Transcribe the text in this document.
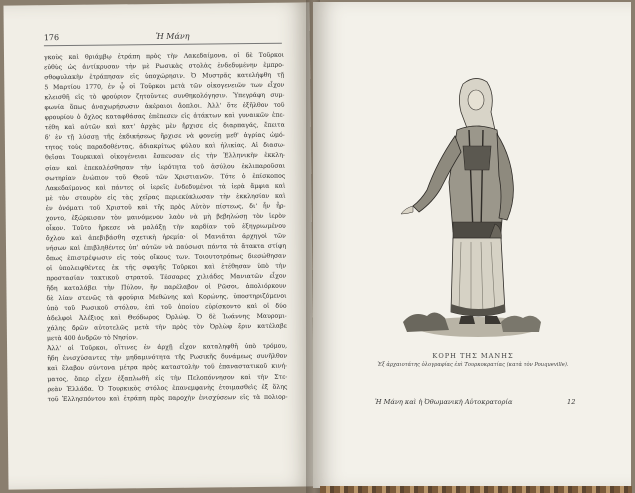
176	Ἡ Μάνη
γκοὺς καὶ θριάμβῳ ἐτράπη πρὸς τὴν Λακεδαίμονα, οἱ δὲ Τοῦρκοι
εὐθὺς ὡς ἀντίκρυσαν τὴν μὲ Ρωσικὰς στολὰς ἐνδεδυμένην ἐμπρο-
σθοφυλακὴν ἐτράπησαν εἰς ὑποχώρησιν. Ὁ Μυστρᾶς κατελήφθη τῇ
5 Μαρτίου 1770, ἐν ᾧ οἱ Τοῦρκοι μετὰ τῶν οἰκογενειῶν των εἶχον
κλεισθῆ εἰς τὸ φρούριον ζητοῦντες συνθηκολόγησιν. Ὑπεγράφη συμ-
φωνία ὅπως ἀναχωρήσωσιν ἀκέραιοι ἄοπλοι. Ἀλλ' ὅτε ἐξῆλθον τοῦ
φρουρίου ὁ ὄχλος καταφθάσας ἐπέπεσεν εἰς ἀτάκτων καὶ γυναικῶν ἐπε-
τέθη καὶ αὐτῶν καὶ κατ' ἀρχὰς μὲν ἤρχισε εἰς διαρπαγάς, ἔπειτα
δ' ἐν τῇ λύσσῃ τῆς ἐκδικήσεως ἤρχισε νὰ φονεύῃ μεθ' ἀγρίας ὠμό-
τητος τοὺς παραδοθέντας, ἀδιακρίτως φύλου καὶ ἡλικίας. Αἱ διασω-
θεῖσαι Τουρκικαὶ οἰκογένειαι ἔσπευσαν εἰς τὴν Ἑλληνικὴν ἐκκλη-
σίαν καὶ ἐπεκαλέσθησαν τὴν ἱερότητα τοῦ ἀσύλου ἐκλιπαροῦσαι
σωτηρίαν ἐνώπιον τοῦ Θεοῦ τῶν Χριστιανῶν. Τότε ὁ ἐπίσκοπος
Λακεδαίμονος καὶ πάντες οἱ ἱερεῖς ἐνδεδυμένοι τὰ ἱερὰ ἄμφια καὶ
μὲ τὸν σταυρὸν εἰς τὰς χεῖρας περιεκύκλωσαν τὴν ἐκκλησίαν καὶ
ἐν ὀνόματι τοῦ Χριστοῦ καὶ τῆς πρὸς Αὐτὸν πίστεως, δι' ἧν ἦρ-
χοντο, ἐξώρκισαν τὸν μαινόμενον λαὸν νὰ μὴ βεβηλώσῃ τὸν ἱερὸν
οἶκον. Τοῦτο ἤρκεσε νὰ μαλάξῃ τὴν καρδίαν τοῦ ἐξηγριωμένου
ὄχλου καὶ ἀπεβιβάσθη σχετικὴ ἠρεμία· οἱ Μανιᾶται ἀρχηγοὶ τῶν
νήσων καὶ ἐπιβληθέντες ὑπ' αὐτῶν νὰ παύσωσι πάντα τὰ ἄτακτα στίφη
ὅπως ἐπιστρέψωσιν εἰς τοὺς οἴκους των. Τοιουτοτρόπως διεσώθησαν
οἱ ὑπολειφθέντες ἐκ τῆς σφαγῆς Τοῦρκοι καὶ ἐτέθησαν ὑπὸ τὴν
προστασίαν τακτικοῦ στρατοῦ. Τέσσαρες χιλιάδες Μανιατῶν εἶχον
ἤδη καταλάβει τὴν Πύλον, ἣν παρέλαβον οἱ Ρῶσοι, ἀπολιόρκουν
δὲ λίαν στενῶς τὰ φρούρια Μεθώνης καὶ Κορώνης, ὑποστηριζόμενοι
ὑπὸ τοῦ Ρωσικοῦ στόλου, ἐπὶ τοῦ ὁποίου εὑρίσκοντο καὶ οἱ δύο
ἀδελφοὶ Ἀλέξιος καὶ Θεόδωρος Ὀρλώφ. Ὁ δὲ Ἰωάννης Μαυρομι-
χάλης δρῶν αὐτοτελῶς μετὰ τὴν πρὸς τὸν Ὀρλὼφ ἔριν κατέλαβε
μετὰ 400 ἀνδρῶν τὸ Νησίον.
Ἀλλ' οἱ Τοῦρκοι, οἵτινες ἐν ἀρχῇ εἶχον καταληφθῆ ὑπὸ τρόμου,
ἤδη ἐνισχύσαντες τὴν μηδαμινότητα τῆς Ρωσικῆς δυνάμεως συνῆλθον
καὶ ἔλαβον σύντονα μέτρα πρὸς καταστολὴν τοῦ ἐπαναστατικοῦ κινή-
ματος, ὅπερ εἶχεν ἐξαπλωθῆ εἰς τὴν Πελοπόννησον καὶ τὴν Στε-
ρεὰν Ἑλλάδα. Ὁ Τουρκικὸς στόλος ἐπανεμφανὴς ἐτοιμασθεὶς ἐξ ὅλης
τοῦ Ἑλλησπόντου καὶ ἐτράπη πρὸς παροχὴν ἐνισχύσεων εἰς τὰ πολιορ-
ΚΟΡΗ ΤΗΣ ΜΑΝΗΣ
Ἐξ ἀρχαιοτάτης ὁλογραφίας ἐπὶ Τουρκοκρατίας (κατὰ τὸν Pouqueville).
Ἡ Μάνη καὶ ἡ Ὀθωμανικὴ Αὐτοκρατορία	12
